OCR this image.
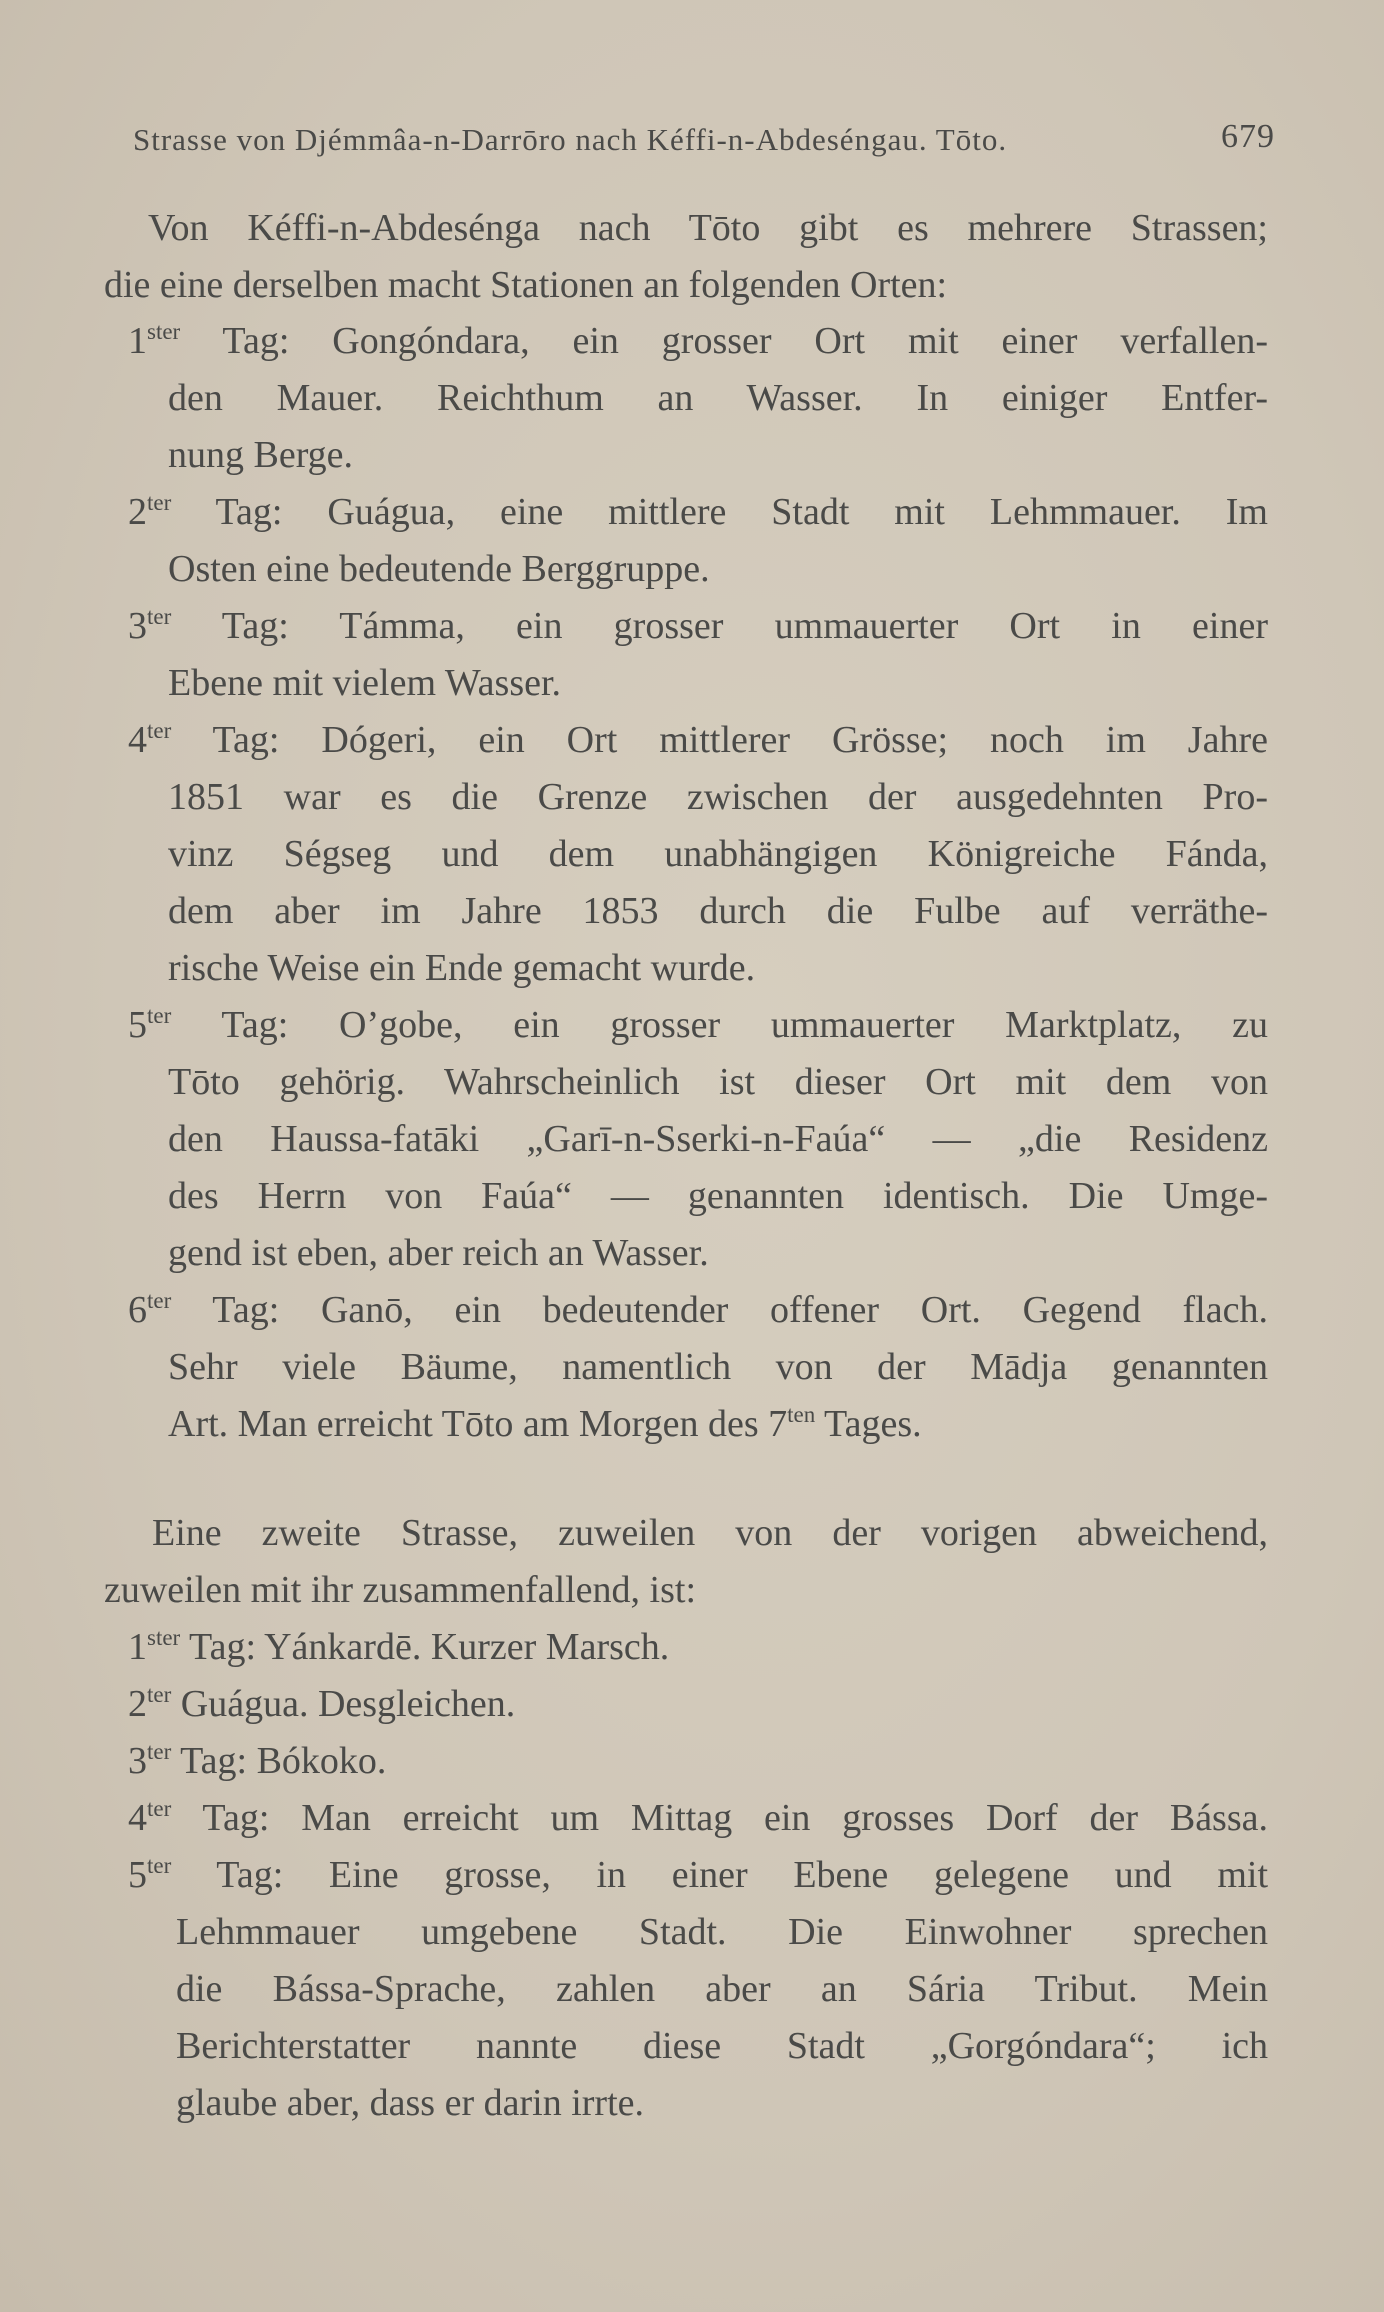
Strasse von Djémmâa-n-Darrōro nach Kéffi-n-Abdeséngau. Tōto.	679
Von Kéffi-n-Abdesénga nach Tōto gibt es mehrere Strassen;
die eine derselben macht Stationen an folgenden Orten:
$1^{ster}$ Tag: Gongóndara, ein grosser Ort mit einer verfallen-
den Mauer. Reichthum an Wasser. In einiger Entfer-
nung Berge.
$2^{ter}$ Tag: Guágua, eine mittlere Stadt mit Lehmmauer. Im
Osten eine bedeutende Berggruppe.
$3^{ter}$ Tag: Támma, ein grosser ummauerter Ort in einer
Ebene mit vielem Wasser.
$4^{ter}$ Tag: Dógeri, ein Ort mittlerer Grösse; noch im Jahre
1851 war es die Grenze zwischen der ausgedehnten Pro-
vinz Ségseg und dem unabhängigen Königreiche Fánda,
dem aber im Jahre 1853 durch die Fulbe auf verräthe-
rische Weise ein Ende gemacht wurde.
$5^{ter}$ Tag: O’gobe, ein grosser ummauerter Marktplatz, zu
Tōto gehörig. Wahrscheinlich ist dieser Ort mit dem von
den Haussa-fatāki „Garī-n-Sserki-n-Faúa“ — „die Residenz
des Herrn von Faúa“ — genannten identisch. Die Umge-
gend ist eben, aber reich an Wasser.
$6^{ter}$ Tag: Ganō, ein bedeutender offener Ort. Gegend flach.
Sehr viele Bäume, namentlich von der Mādja genannten
Art. Man erreicht Tōto am Morgen des $7^{ten}$ Tages.
Eine zweite Strasse, zuweilen von der vorigen abweichend,
zuweilen mit ihr zusammenfallend, ist:
$1^{ster}$ Tag: Yánkardē. Kurzer Marsch.
$2^{ter}$ Guágua. Desgleichen.
$3^{ter}$ Tag: Bókoko.
$4^{ter}$ Tag: Man erreicht um Mittag ein grosses Dorf der Bássa.
$5^{ter}$ Tag: Eine grosse, in einer Ebene gelegene und mit
Lehmmauer umgebene Stadt. Die Einwohner sprechen
die Bássa-Sprache, zahlen aber an Sária Tribut. Mein
Berichterstatter nannte diese Stadt „Gorgóndara“; ich
glaube aber, dass er darin irrte.
